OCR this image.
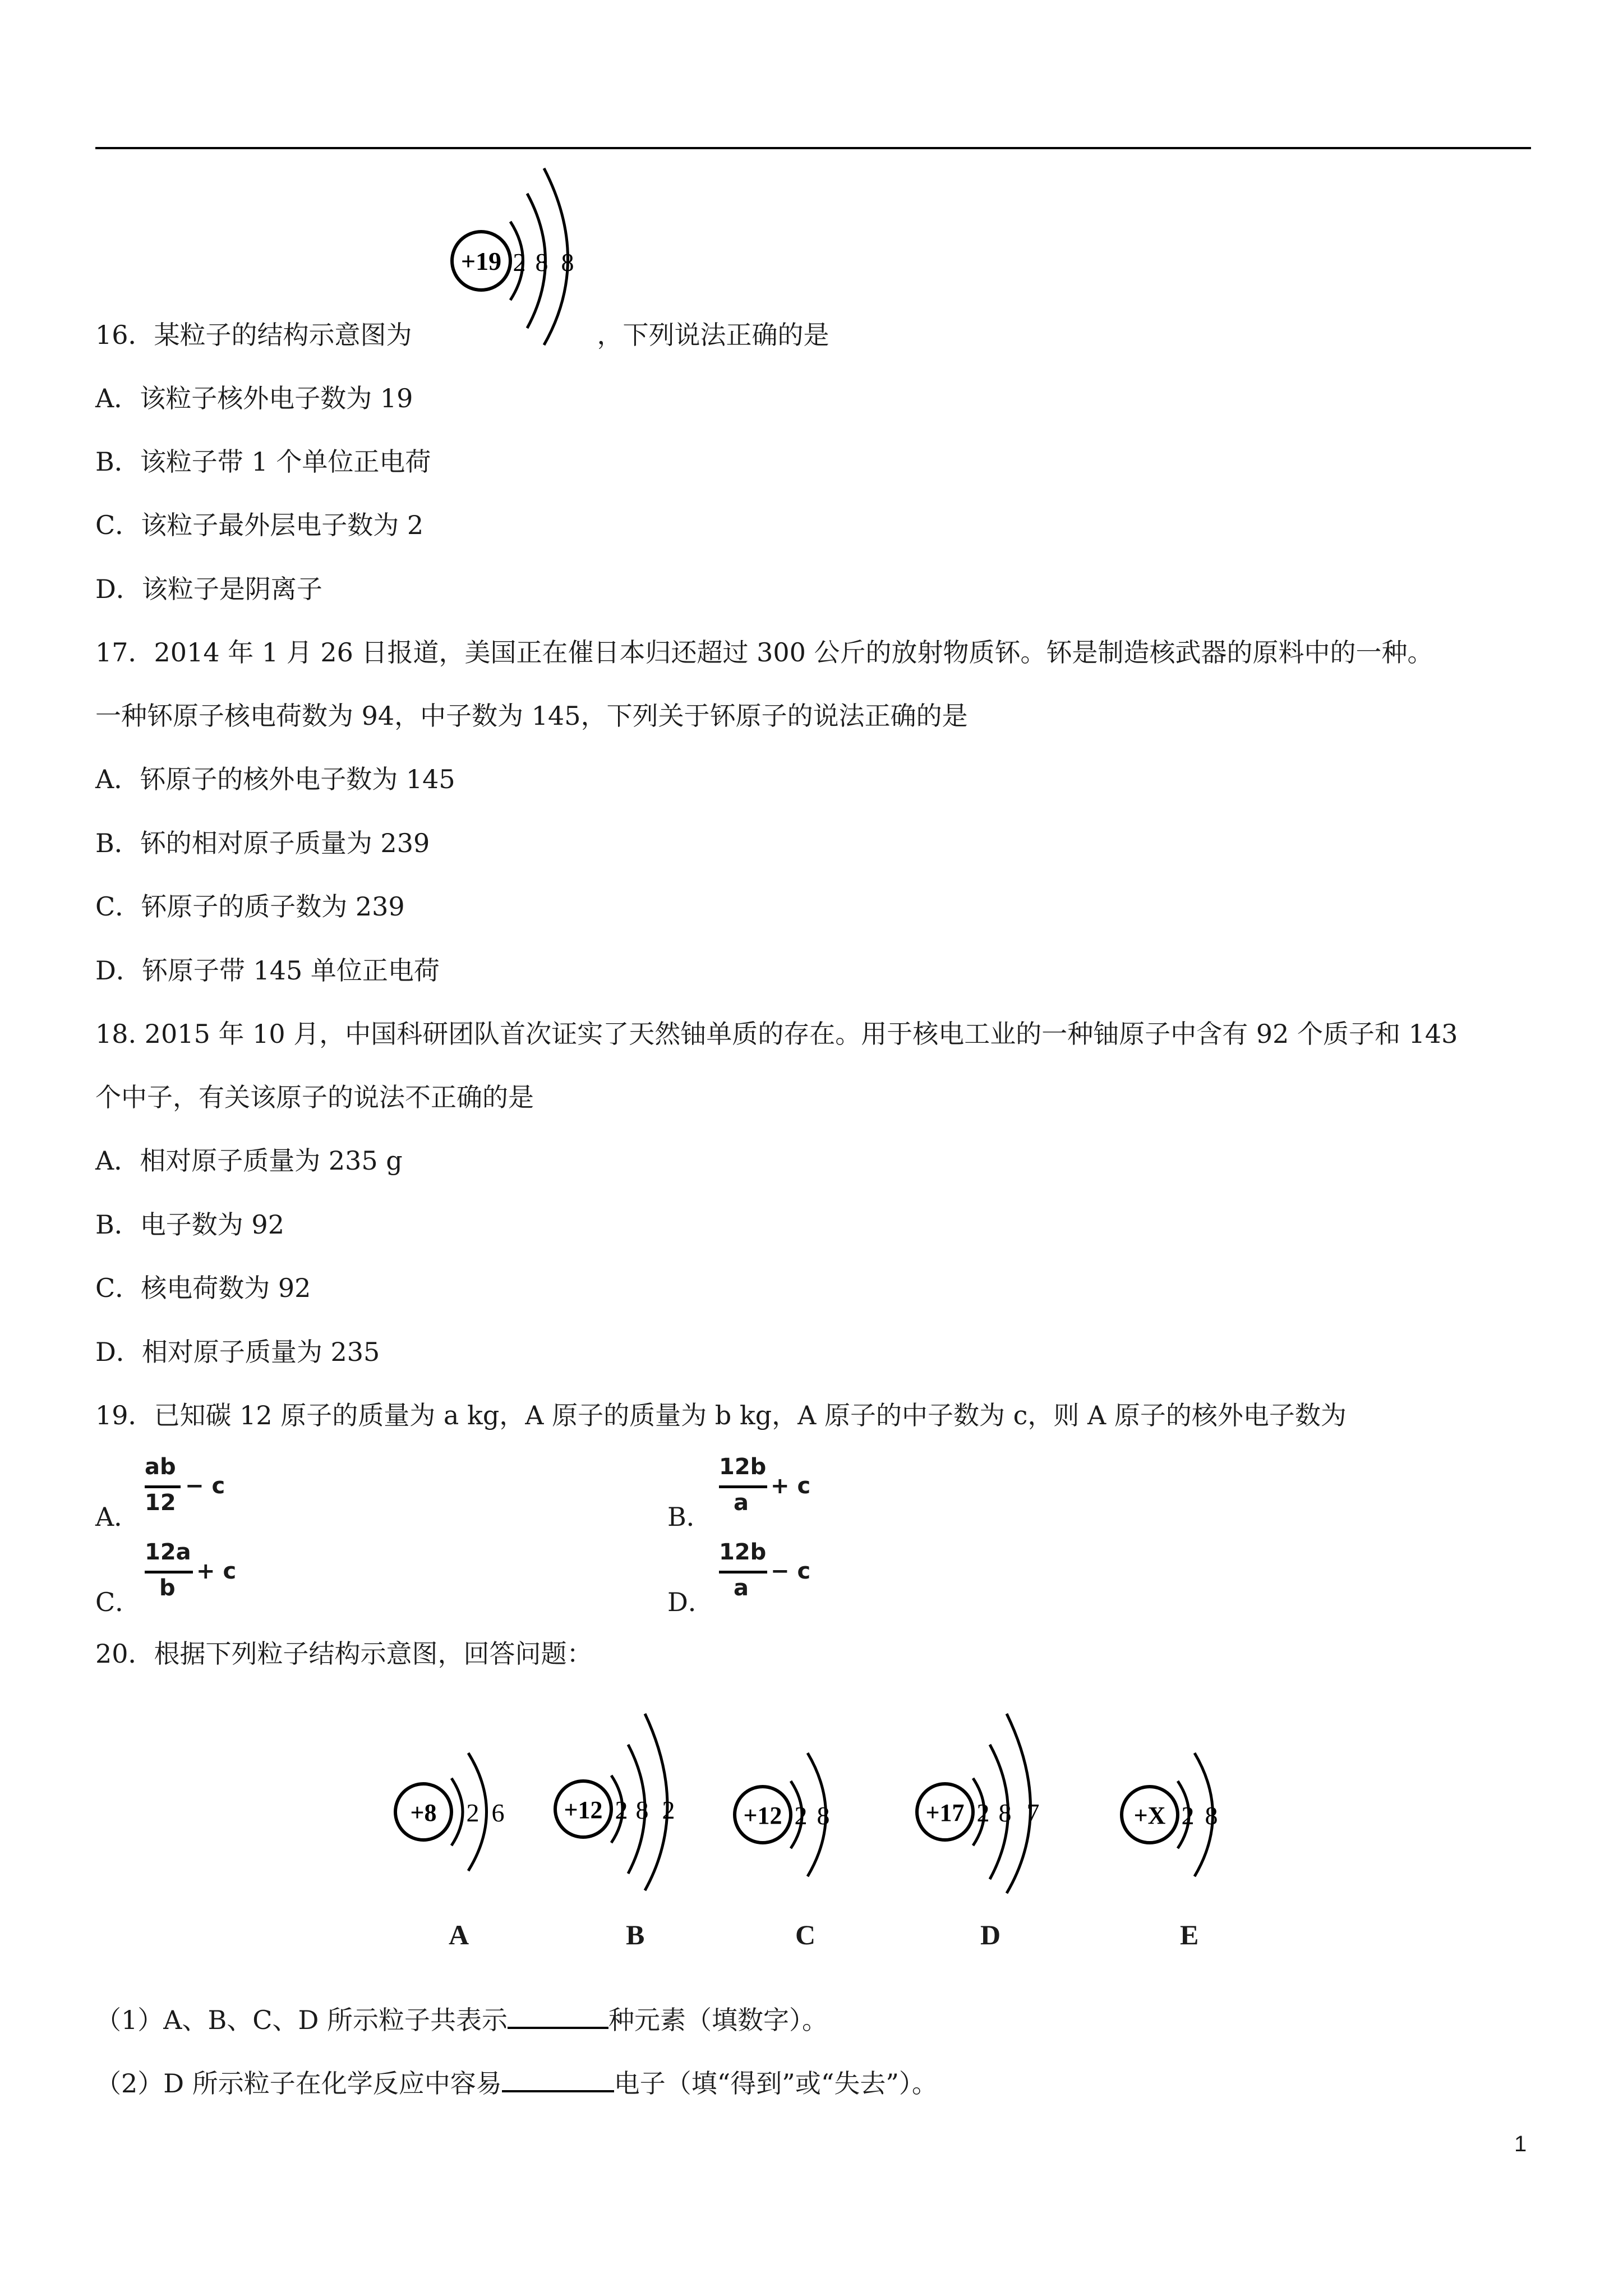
+19 2 8 8
16．某粒子的结构示意图为	，下列说法正确的是
A．该粒子核外电子数为 19
B．该粒子带 1 个单位正电荷
C．该粒子最外层电子数为 2
D．该粒子是阴离子
17．2014 年 1 月 26 日报道，美国正在催日本归还超过 300 公斤的放射物质钚。钚是制造核武器的原料中的一种。
一种钚原子核电荷数为 94，中子数为 145，下列关于钚原子的说法正确的是
A．钚原子的核外电子数为 145
B．钚的相对原子质量为 239
C．钚原子的质子数为 239
D．钚原子带 145 单位正电荷
18. 2015 年 10 月，中国科研团队首次证实了天然铀单质的存在。用于核电工业的一种铀原子中含有 92 个质子和 143
个中子，有关该原子的说法不正确的是
A．相对原子质量为 235 g
B．电子数为 92
C．核电荷数为 92
D．相对原子质量为 235
19．已知碳 12 原子的质量为 a kg，A 原子的质量为 b kg，A 原子的中子数为 c，则 A 原子的核外电子数为
A．
ab
12
− c
B．
12b
a
+ c
C．
12a
b
+ c
D．
12b
a
− c
20．根据下列粒子结构示意图，回答问题：
+8 2 6 +12 2 8 2	+12 2 8	+17 2 8 7	+X 2 8
A	B	C	D	E
（1）A、B、C、D 所示粒子共表示	种元素（填数字）。
（2）D 所示粒子在化学反应中容易	电子（填“得到”或“失去”）。
1
